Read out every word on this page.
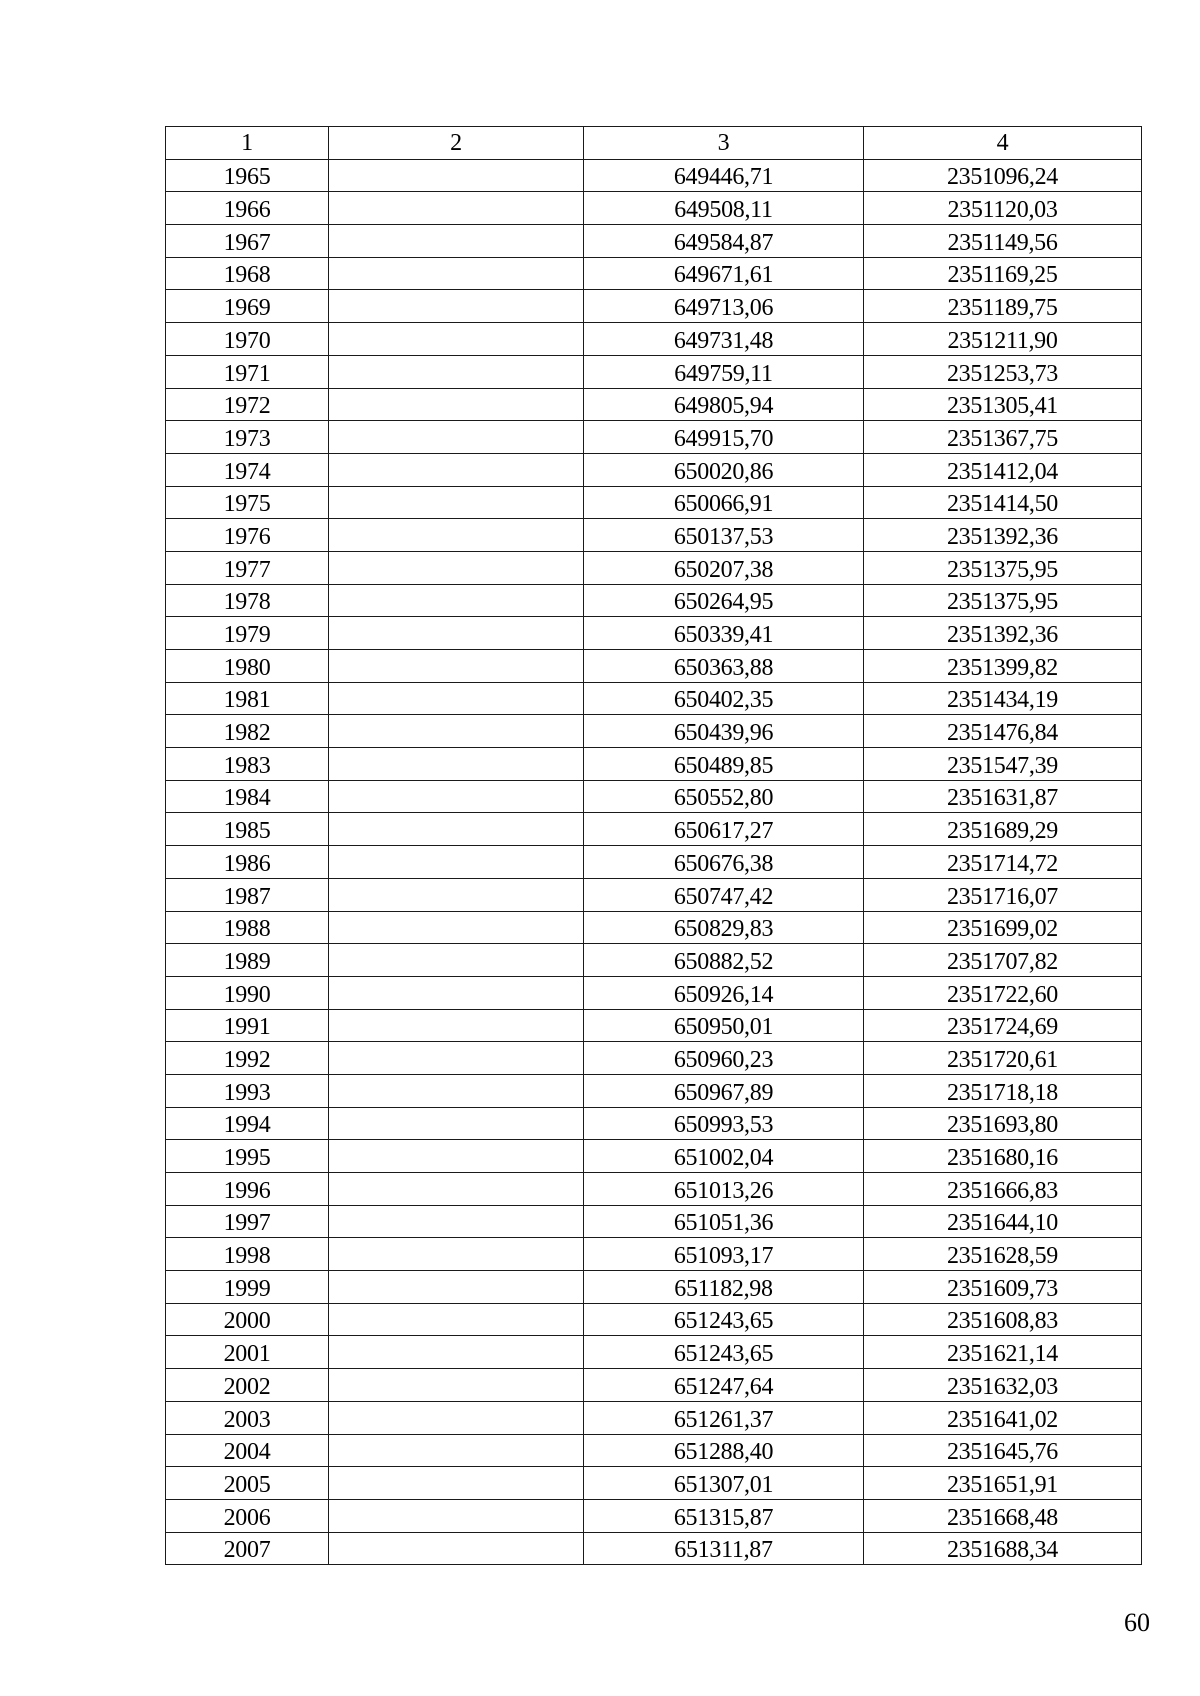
1	2	3	4
1965		649446,71	2351096,24
1966		649508,11	2351120,03
1967		649584,87	2351149,56
1968		649671,61	2351169,25
1969		649713,06	2351189,75
1970		649731,48	2351211,90
1971		649759,11	2351253,73
1972		649805,94	2351305,41
1973		649915,70	2351367,75
1974		650020,86	2351412,04
1975		650066,91	2351414,50
1976		650137,53	2351392,36
1977		650207,38	2351375,95
1978		650264,95	2351375,95
1979		650339,41	2351392,36
1980		650363,88	2351399,82
1981		650402,35	2351434,19
1982		650439,96	2351476,84
1983		650489,85	2351547,39
1984		650552,80	2351631,87
1985		650617,27	2351689,29
1986		650676,38	2351714,72
1987		650747,42	2351716,07
1988		650829,83	2351699,02
1989		650882,52	2351707,82
1990		650926,14	2351722,60
1991		650950,01	2351724,69
1992		650960,23	2351720,61
1993		650967,89	2351718,18
1994		650993,53	2351693,80
1995		651002,04	2351680,16
1996		651013,26	2351666,83
1997		651051,36	2351644,10
1998		651093,17	2351628,59
1999		651182,98	2351609,73
2000		651243,65	2351608,83
2001		651243,65	2351621,14
2002		651247,64	2351632,03
2003		651261,37	2351641,02
2004		651288,40	2351645,76
2005		651307,01	2351651,91
2006		651315,87	2351668,48
2007		651311,87	2351688,34
60
